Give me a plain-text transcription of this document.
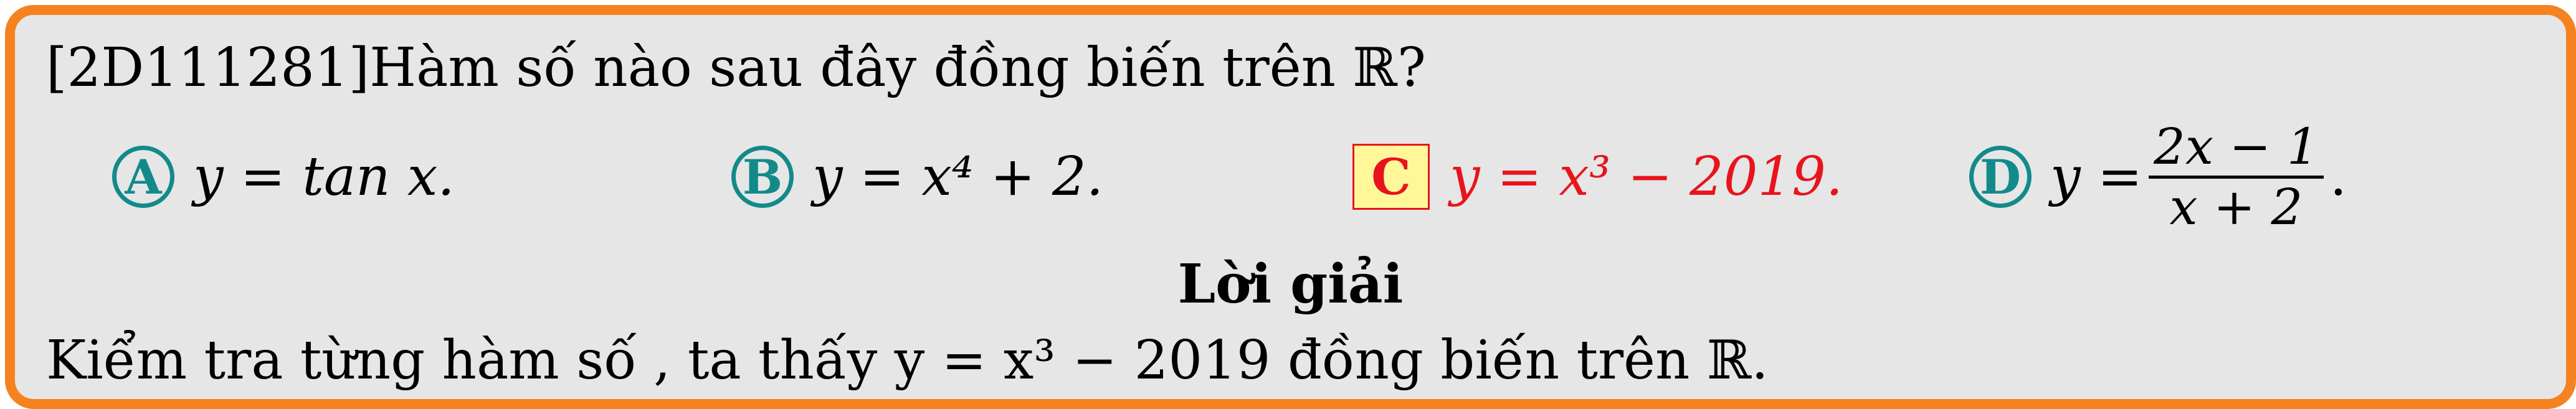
[2D111281]Hàm số nào sau đây đồng biến trên ℝ?
A y = tan x.	B y = x⁴ + 2.	C y = x³ − 2019.	D $y = \frac{2x - 1}{x + 2}$ .
Lời giải
Kiểm tra từng hàm số , ta thấy y = x³ − 2019 đồng biến trên ℝ.
